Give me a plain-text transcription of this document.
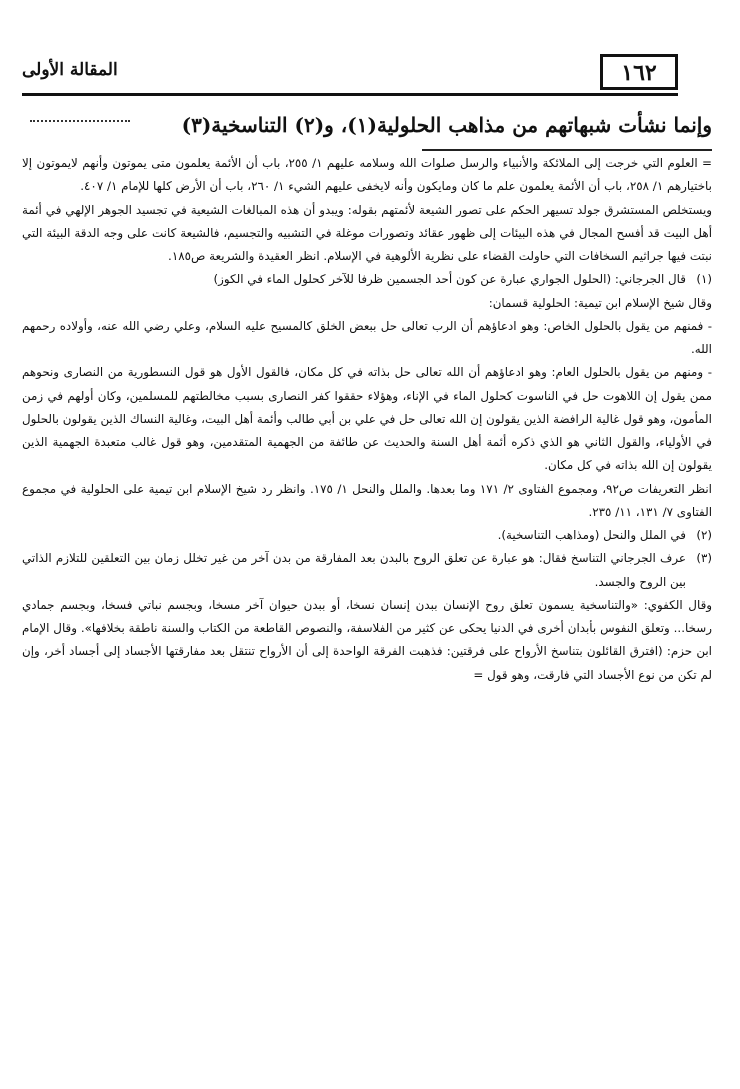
١٦٢
المقالة الأولى
وإنما نشأت شبهاتهم من مذاهب الحلولية(١)، و(٢) التناسخية(٣)

= العلوم التي خرجت إلى الملائكة والأنبياء والرسل صلوات الله وسلامه عليهم ١/ ٢٥٥، باب أن الأئمة يعلمون متى يموتون وأنهم لايموتون إلا باختيارهم ١/ ٢٥٨، باب أن الأئمة يعلمون علم ما كان ومايكون وأنه لايخفى عليهم الشيء ١/ ٢٦٠، باب أن الأرض كلها للإمام ١/ ٤٠٧.

ويستخلص المستشرق جولد تسيهر الحكم على تصور الشيعة لأئمتهم بقوله: ويبدو أن هذه المبالغات الشيعية في تجسيد الجوهر الإلهي في أئمة أهل البيت قد أفسح المجال في هذه البيئات إلى ظهور عقائد وتصورات موغلة في التشبيه والتجسيم، فالشيعة كانت على وجه الدقة البيئة التي نبتت فيها جراثيم السخافات التي حاولت القضاء على نظرية الألوهية في الإسلام. انظر العقيدة والشريعة ص١٨٥.

(١)

قال الجرجاني: (الحلول الجواري عبارة عن كون أحد الجسمين ظرفا للآخر كحلول الماء في الكوز)

وقال شيخ الإسلام ابن تيمية: الحلولية قسمان:

- فمنهم من يقول بالحلول الخاص: وهو ادعاؤهم أن الرب تعالى حل ببعض الخلق كالمسيح عليه السلام، وعلي رضي الله عنه، وأولاده رحمهم الله.

- ومنهم من يقول بالحلول العام: وهو ادعاؤهم أن الله تعالى حل بذاته في كل مكان، فالقول الأول هو قول النسطورية من النصارى ونحوهم ممن يقول إن اللاهوت حل في الناسوت كحلول الماء في الإناء، وهؤلاء حققوا كفر النصارى بسبب مخالطتهم للمسلمين، وكان أولهم في زمن المأمون، وهو قول غالية الرافضة الذين يقولون إن الله تعالى حل في علي بن أبي طالب وأئمة أهل البيت، وغالية النساك الذين يقولون بالحلول في الأولياء، والقول الثاني هو الذي ذكره أئمة أهل السنة والحديث عن طائفة من الجهمية المتقدمين، وهو قول غالب متعبدة الجهمية الذين يقولون إن الله بذاته في كل مكان.

انظر التعريفات ص٩٢، ومجموع الفتاوى ٢/ ١٧١ وما بعدها. والملل والنحل ١/ ١٧٥. وانظر رد شيخ الإسلام ابن تيمية على الحلولية في مجموع الفتاوى ٧/ ١٣١، ١١/ ٢٣٥.

(٢)

في الملل والنحل (ومذاهب التناسخية).

(٣)

عرف الجرجاني التناسخ فقال: هو عبارة عن تعلق الروح بالبدن بعد المفارقة من بدن آخر من غير تخلل زمان بين التعلقين للتلازم الذاتي بين الروح والجسد.

وقال الكفوي: «والتناسخية يسمون تعلق روح الإنسان ببدن إنسان نسخا، أو ببدن حيوان آخر مسخا، وبجسم نباتي فسخا، وبجسم جمادي رسخا... وتعلق النفوس بأبدان أخرى في الدنيا يحكى عن كثير من الفلاسفة، والنصوص القاطعة من الكتاب والسنة ناطقة بخلافها». وقال الإمام ابن حزم: (افترق القائلون بتناسخ الأرواح على فرقتين: فذهبت الفرقة الواحدة إلى أن الأرواح تنتقل بعد مفارقتها الأجساد إلى أجساد أخر، وإن لم تكن من نوع الأجساد التي فارقت، وهو قول =
